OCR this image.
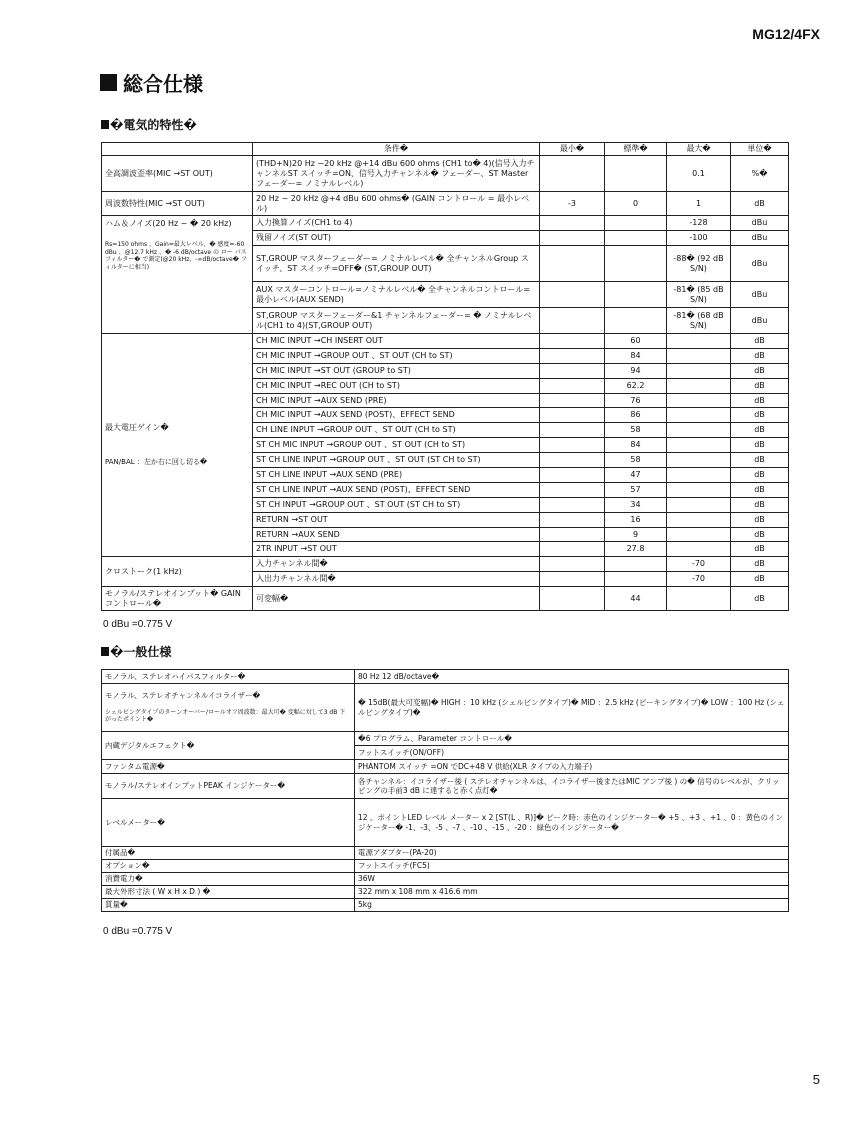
MG12/4FX
総合仕様
�電気的特性�
	条件�	最小�	標準�	最大�	単位�
全高調波歪率(MIC →ST OUT)	(THD+N)20 Hz ~20 kHz @+14 dBu 600 ohms (CH1 to� 4)(信号入力チャンネルST スイッチ=ON、信号入力チャンネル� フェーダー、ST Master フェーダー= ノミナルレベル)			0.1	%�
周波数特性(MIC →ST OUT)	20 Hz ~ 20 kHz @+4 dBu 600 ohms� (GAIN コントロール = 最小レベル)	-3	0	1	dB

ハム＆ノイズ(20 Hz ~ � 20 kHz)
Rs=150 ohms 、Gain=最大レベル、� 感度=-60 dBu 、@12.7 kHz 、� -6 dB/octave の ロー パスフィルター� で測定(@20 kHz、-∞dB/octave� フィルターに相当)	入力換算ノイズ(CH1 to 4)			-128	dBu
	残留ノイズ(ST OUT)			-100	dBu
	ST,GROUP マスターフェーダー= ノミナルレベル� 全チャンネルGroup スイッチ、ST スイッチ=OFF� (ST,GROUP OUT)			-88� (92 dB S/N)	dBu
	AUX マスターコントロール=ノミナルレベル� 全チャンネルコントロール=最小レベル(AUX SEND)			-81� (85 dB S/N)	dBu
	ST,GROUP マスターフェーダー&1 チャンネルフェーダー= � ノミナルレベル(CH1 to 4)(ST,GROUP OUT)			-81� (68 dB S/N)	dBu

最大電圧ゲイン�
PAN/BAL ：左か右に回し切る�	CH MIC INPUT →CH INSERT OUT		60		dB
	CH MIC INPUT →GROUP OUT 、ST OUT (CH to ST)		84		dB
	CH MIC INPUT →ST OUT (GROUP to ST)		94		dB
	CH MIC INPUT →REC OUT (CH to ST)		62.2		dB
	CH MIC INPUT →AUX SEND (PRE)		76		dB
	CH MIC INPUT →AUX SEND (POST)、EFFECT SEND		86		dB
	CH LINE INPUT →GROUP OUT 、ST OUT (CH to ST)		58		dB
	ST CH MIC INPUT →GROUP OUT 、ST OUT (CH to ST)		84		dB
	ST CH LINE INPUT →GROUP OUT 、ST OUT (ST CH to ST)		58		dB
	ST CH LINE INPUT →AUX SEND (PRE)		47		dB
	ST CH LINE INPUT →AUX SEND (POST)、EFFECT SEND		57		dB
	ST CH INPUT →GROUP OUT 、ST OUT (ST CH to ST)		34		dB
	RETURN →ST OUT		16		dB
	RETURN →AUX SEND		9		dB
	2TR INPUT →ST OUT		27.8		dB
クロストーク(1 kHz)	入力チャンネル間�			-70	dB
	入出力チャンネル間�			-70	dB
モノラル/ステレオインプット� GAIN コントロール�	可変幅�		44		dB
0 dBu =0.775 V
�一般仕様
モノラル、ステレオハイパスフィルター�	80 Hz 12 dB/octave�

モノラル、ステレオチャンネルイコライザー�
シェルビングタイプのターンオーバー/ロールオフ周波数：最大可� 変幅に対して3 dB 下がったポイント�	� 15dB(最大可変幅)� HIGH ：10 kHz (シェルビングタイプ)� MID ：2.5 kHz (ピーキングタイプ)� LOW ：100 Hz (シェルビングタイプ)�
内蔵デジタルエフェクト�	�6 プログラム、Parameter コントロール�
	フットスイッチ(ON/OFF)
ファンタム電源�	PHANTOM スイッチ =ON でDC+48 V 供給(XLR タイプの入力端子)
モノラル/ステレオインプットPEAK インジケーター�	各チャンネル：イコライザー後 ( ステレオチャンネルは、イコライザー後またはMIC アンプ後 ) の� 信号のレベルが、クリッピングの手前3 dB に達すると赤く点灯�
レベルメーター�	12 。ポイントLED レベル メーター x 2 [ST(L 、R)]� ピーク時：赤色のインジケーター� +5 、+3 、+1 、0 ：黄色のインジケーター� -1、-3、-5 、-7 、-10 、-15 、-20 ：緑色のインジケーター�
付属品�	電源アダプター(PA-20)
オプション�	フットスイッチ(FC5)
消費電力�	36W
最大外形寸法 ( W x H x D ) �	322 mm x 108 mm x 416.6 mm
質量�	5kg
0 dBu =0.775 V
5
